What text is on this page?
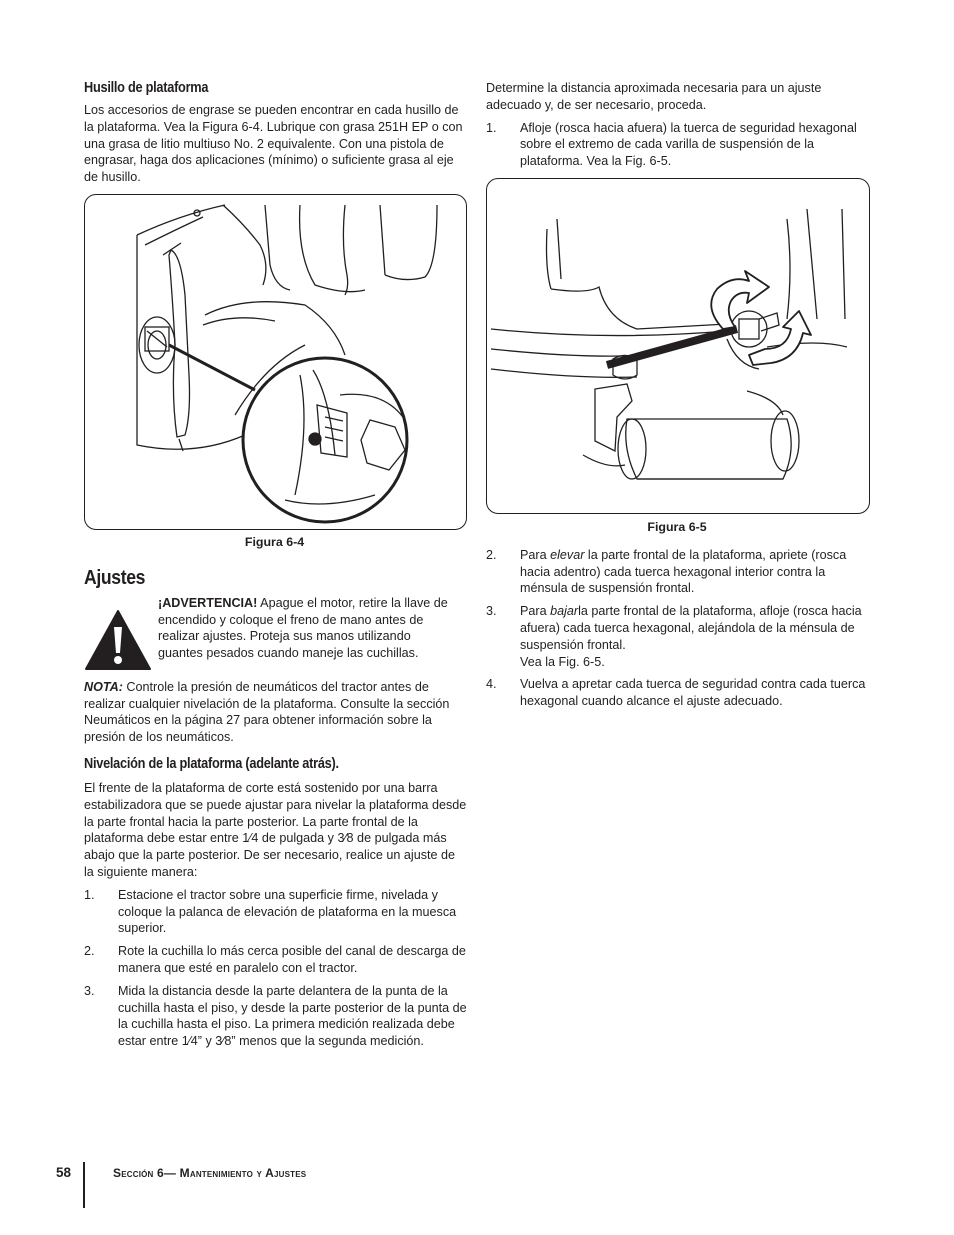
Husillo de plataforma

Los accesorios de engrase se pueden encontrar en cada husillo de la plataforma. Vea la Figura 6-4. Lubrique con grasa 251H EP o con una grasa de litio multiuso No. 2 equivalente. Con una pistola de engrasar, haga dos aplicaciones (mínimo) o suficiente grasa al eje de husillo.

Figura 6-4
Ajustes
¡ADVERTENCIA! Apague el motor, retire la llave de encendido y coloque el freno de mano antes de realizar ajustes. Proteja sus manos utilizando guantes pesados cuando maneje las cuchillas.

NOTA: Controle la presión de neumáticos del tractor antes de realizar cualquier nivelación de la plataforma. Consulte la sección Neumáticos en la página 27 para obtener información sobre la presión de los neumáticos.

Nivelación de la plataforma (adelante atrás).

El frente de la plataforma de corte está sostenido por una barra estabilizadora que se puede ajustar para nivelar la plataforma desde la parte frontal hacia la parte posterior. La parte frontal de la plataforma debe estar entre 1⁄4 de pulgada y 3⁄8 de pulgada más abajo que la parte posterior. De ser necesario, realice un ajuste de la siguiente manera:

1. Estacione el tractor sobre una superficie firme, nivelada y coloque la palanca de elevación de plataforma en la muesca superior.
2. Rote la cuchilla lo más cerca posible del canal de descarga de manera que esté en paralelo con el tractor.
3. Mida la distancia desde la parte delantera de la punta de la cuchilla hasta el piso, y desde la parte posterior de la punta de la cuchilla hasta el piso. La primera medición realizada debe estar entre 1⁄4” y 3⁄8” menos que la segunda medición.

Determine la distancia aproximada necesaria para un ajuste adecuado y, de ser necesario, proceda.

1. Afloje (rosca hacia afuera) la tuerca de seguridad hexagonal sobre el extremo de cada varilla de suspensión de la plataforma. Vea la Fig. 6-5.
Figura 6-5
2. Para elevar la parte frontal de la plataforma, apriete (rosca hacia adentro) cada tuerca hexagonal interior contra la ménsula de suspensión frontal.
3. Para bajarla parte frontal de la plataforma, afloje (rosca hacia afuera) cada tuerca hexagonal, alejándola de la ménsula de suspensión frontal.
Vea la Fig. 6-5.
4. Vuelva a apretar cada tuerca de seguridad contra cada tuerca hexagonal cuando alcance el ajuste adecuado.
58	Sección 6— Mantenimiento y Ajustes
